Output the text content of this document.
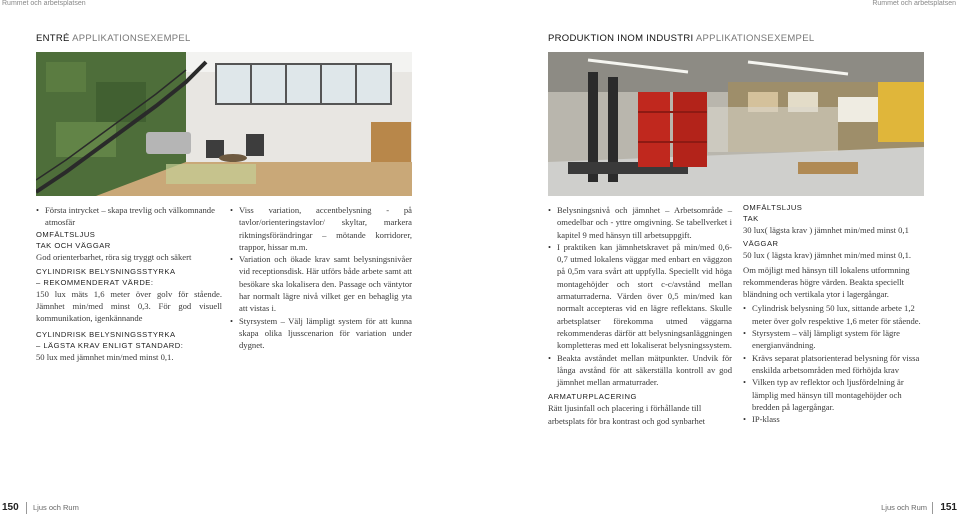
Rummet och arbetsplatsen	Rummet och arbetsplatsen
ENTRÉ APPLIKATIONSEXEMPEL	PRODUKTION INOM INDUSTRI APPLIKATIONSEXEMPEL
• Första intrycket – skapa trevlig och välkomnande atmosfär
OMFÄLTSLJUS
TAK OCH VÄGGAR

God orienterbarhet, röra sig tryggt och säkert

CYLINDRISK BELYSNINGSSTYRKA
– REKOMMENDERAT VÄRDE:

150 lux mäts 1,6 meter över golv för stående. Jämnhet min/med minst 0,3. För god visuell kommunikation, igenkännande

CYLINDRISK BELYSNINGSSTYRKA
– LÄGSTA KRAV ENLIGT STANDARD:

50 lux med jämnhet min/med minst 0,1.

• Viss variation, accentbelysning - på tavlor/orienteringstavlor/ skyltar, markera riktningsförändringar – mötande korridorer, trappor, hissar m.m.
• Variation och ökade krav samt belysningsnivåer vid receptionsdisk. Här utförs både arbete samt att besökare ska lokalisera den. Passage och väntytor har normalt lägre nivå vilket ger en behaglig yta att vistas i.
• Styrsystem – Välj lämpligt system för att kunna skapa olika ljusscenarion för variation under dygnet.
• Belysningsnivå och jämnhet – Arbetsområde – omedelbar och - yttre omgivning. Se tabellverket i kapitel 9 med hänsyn till arbetsuppgift.
• I praktiken kan jämnhetskravet på min/med 0,6-0,7 utmed lokalens väggar med enbart en väggzon på 0,5m vara svårt att uppfylla. Speciellt vid höga montagehöjder och stort c-c/avstånd mellan armaturraderna. Värden över 0,5 min/med kan normalt accepteras vid en lägre reflektans. Skulle arbetsplatser förekomma utmed väggarna rekommenderas därför att belysningsanläggningen kompletteras med ett lokaliserat belysningssystem.
• Beakta avståndet mellan mätpunkter. Undvik för långa avstånd för att säkerställa kontroll av god jämnhet mellan armaturrader.
ARMATURPLACERING

Rätt ljusinfall och placering i förhållande till arbetsplats för bra kontrast och god synbarhet

OMFÄLTSLJUS
TAK

30 lux( lägsta krav ) jämnhet min/med minst 0,1

VÄGGAR

50 lux ( lägsta krav) jämnhet min/med minst 0,1.

Om möjligt med hänsyn till lokalens utformning rekommenderas högre värden. Beakta speciellt bländning och vertikala ytor i lagergångar.

• Cylindrisk belysning 50 lux, sittande arbete 1,2 meter över golv respektive 1,6 meter för stående.
• Styrsystem – välj lämpligt system för lägre energianvändning.
• Krävs separat platsorienterad belysning för vissa enskilda arbetsområden med förhöjda krav
• Vilken typ av reflektor och ljusfördelning är lämplig med hänsyn till montagehöjder och bredden på lagergångar.
• IP-klass
150 Ljus och Rum	Ljus och Rum 151
